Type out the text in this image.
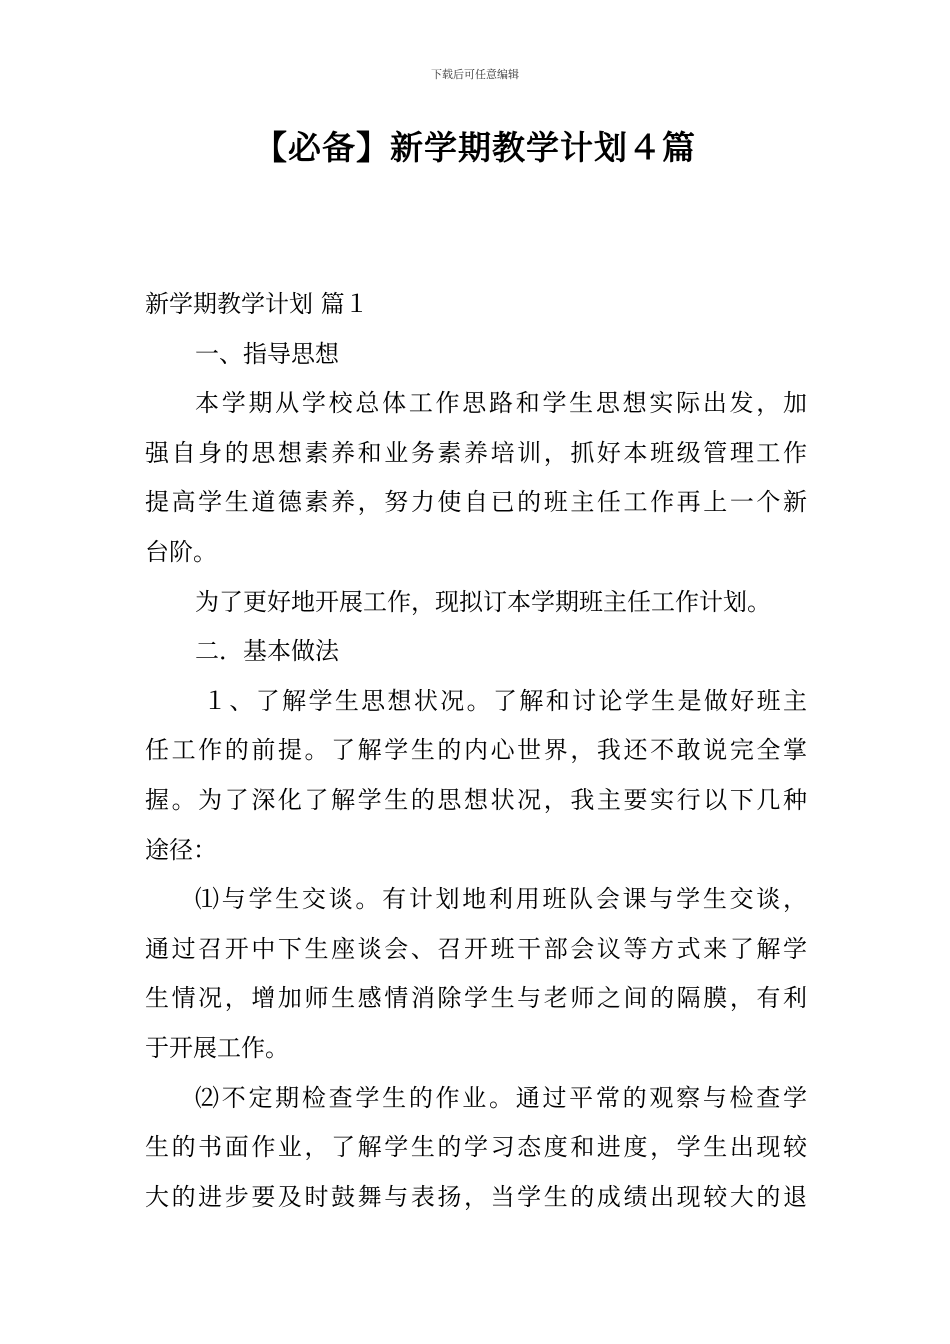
下载后可任意编辑
【必备】新学期教学计划４篇

新学期教学计划 篇１

一、指导思想

本学期从学校总体工作思路和学生思想实际出发，加

强自身的思想素养和业务素养培训，抓好本班级管理工作

提高学生道德素养，努力使自已的班主任工作再上一个新

台阶。

为了更好地开展工作，现拟订本学期班主任工作计划。

二．基本做法

１、了解学生思想状况。了解和讨论学生是做好班主

任工作的前提。了解学生的内心世界，我还不敢说完全掌

握。为了深化了解学生的思想状况，我主要实行以下几种

途径：

⑴与学生交谈。有计划地利用班队会课与学生交谈，

通过召开中下生座谈会、召开班干部会议等方式来了解学

生情况，增加师生感情消除学生与老师之间的隔膜，有利

于开展工作。

⑵不定期检查学生的作业。通过平常的观察与检查学

生的书面作业，了解学生的学习态度和进度，学生出现较

大的进步要及时鼓舞与表扬，当学生的成绩出现较大的退
